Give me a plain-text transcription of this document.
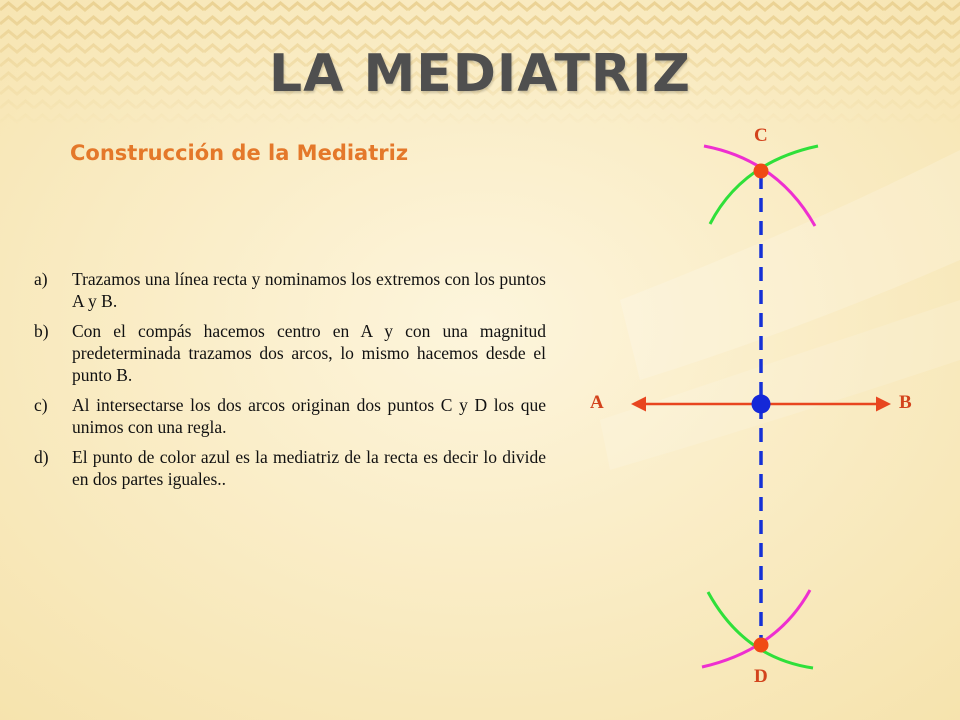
LA MEDIATRIZ
Construcción de la Mediatriz
a) Trazamos una línea recta y nominamos los extremos con los puntos A y B.
b) Con el compás hacemos centro en A y con una magnitud predeterminada trazamos dos arcos, lo mismo hacemos desde el punto B.
c) Al intersectarse los dos arcos originan dos puntos C y D los que unimos con una regla.
d) El punto de color azul es la mediatriz de la recta es decir lo divide en dos partes iguales..
C
A	B
D
